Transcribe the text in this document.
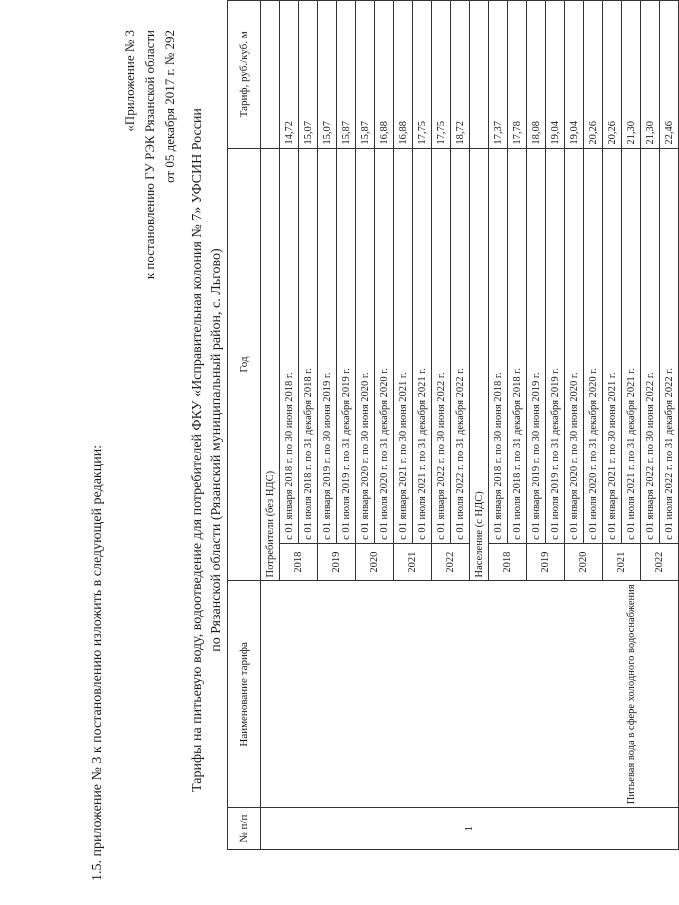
1.5. приложение № 3 к постановлению изложить в следующей редакции:
«Приложение № 3 к постановлению ГУ РЭК Рязанской области от 05 декабря 2017 г. № 292
Тарифы на питьевую воду, водоотведение для потребителей ФКУ «Исправительная колония № 7» УФСИН России по Рязанской области (Рязанский муниципальный район, с. Льгово)
№ п/п	Наименование тарифа	Год		Тариф, руб./куб. м
1	Питьевая вода в сфере холодного водоснабжения	Потребители (без НДС)		
		2018	с 01 января 2018 г. по 30 июня 2018 г.	14,72
			с 01 июля 2018 г. по 31 декабря 2018 г.	15,07
		2019	с 01 января 2019 г. по 30 июня 2019 г.	15,07
			с 01 июля 2019 г. по 31 декабря 2019 г.	15,87
		2020	с 01 января 2020 г. по 30 июня 2020 г.	15,87
			с 01 июля 2020 г. по 31 декабря 2020 г.	16,88
		2021	с 01 января 2021 г. по 30 июня 2021 г.	16,88
			с 01 июля 2021 г. по 31 декабря 2021 г.	17,75
		2022	с 01 января 2022 г. по 30 июня 2022 г.	17,75
			с 01 июля 2022 г. по 31 декабря 2022 г.	18,72
		Население (с НДС)		
		2018	с 01 января 2018 г. по 30 июня 2018 г.	17,37
			с 01 июля 2018 г. по 31 декабря 2018 г.	17,78
		2019	с 01 января 2019 г. по 30 июня 2019 г.	18,08
			с 01 июля 2019 г. по 31 декабря 2019 г.	19,04
		2020	с 01 января 2020 г. по 30 июня 2020 г.	19,04
			с 01 июля 2020 г. по 31 декабря 2020 г.	20,26
		2021	с 01 января 2021 г. по 30 июня 2021 г.	20,26
			с 01 июля 2021 г. по 31 декабря 2021 г.	21,30
		2022	с 01 января 2022 г. по 30 июня 2022 г.	21,30
			с 01 июля 2022 г. по 31 декабря 2022 г.	22,46
